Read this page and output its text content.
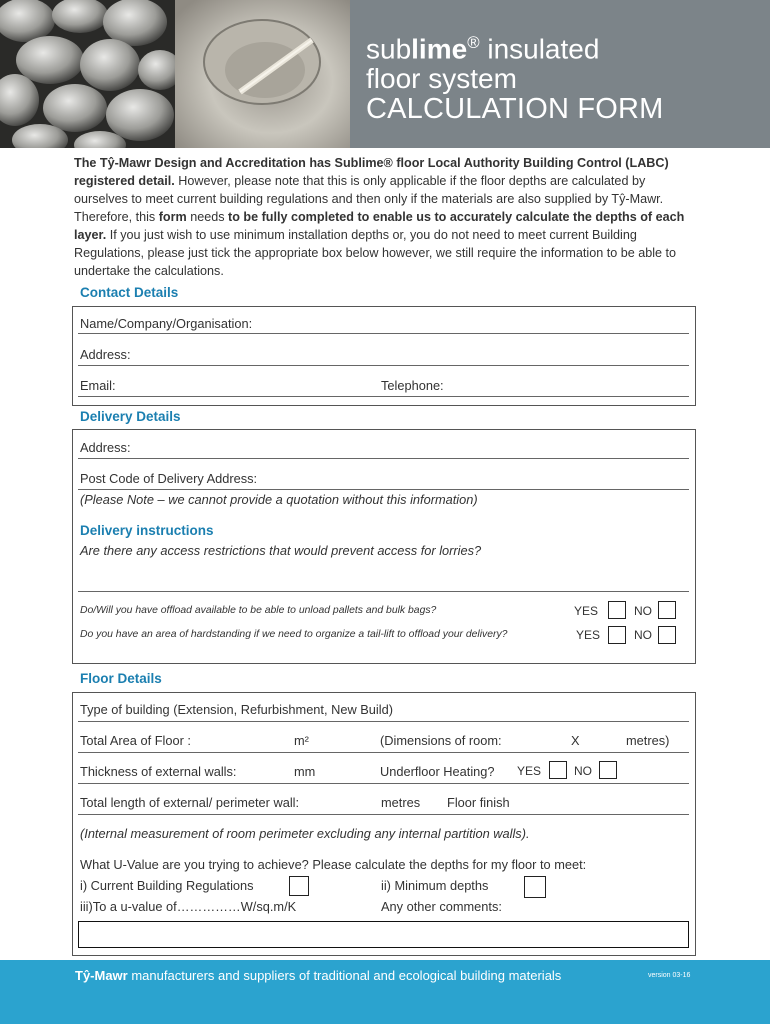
sublime® insulated
floor system
CALCULATION FORM
The Tŷ-Mawr Design and Accreditation has Sublime® floor Local Authority Building Control (LABC) registered detail. However, please note that this is only applicable if the floor depths are calculated by ourselves to meet current building regulations and then only if the materials are also supplied by Tŷ-Mawr. Therefore, this form needs to be fully completed to enable us to accurately calculate the depths of each layer. If you just wish to use minimum installation depths or, you do not need to meet current Building Regulations, please just tick the appropriate box below however, we still require the information to be able to undertake the calculations.
Contact Details
Name/Company/Organisation:
Address:
Email:	Telephone:
Delivery Details
Address:
Post Code of Delivery Address:
(Please Note – we cannot provide a quotation without this information)
Delivery instructions
Are there any access restrictions that would prevent access for lorries?
Do/Will you have offload available to be able to unload pallets and bulk bags?	YES	NO
Do you have an area of hardstanding if we need to organize a tail-lift to offload your delivery?	YES	NO
Floor Details
Type of building (Extension, Refurbishment, New Build)
Total Area of Floor :	m²	(Dimensions of room:	X	metres)
Thickness of external walls:	mm	Underfloor Heating? YES	NO
Total length of external/ perimeter wall:	metres Floor finish
(Internal measurement of room perimeter excluding any internal partition walls).
What U-Value are you trying to achieve? Please calculate the depths for my floor to meet:
i) Current Building Regulations	ii) Minimum depths
iii)To a u-value of……………W/sq.m/K	Any other comments:
Tŷ-Mawr manufacturers and suppliers of traditional and ecological building materials	version 03-16
